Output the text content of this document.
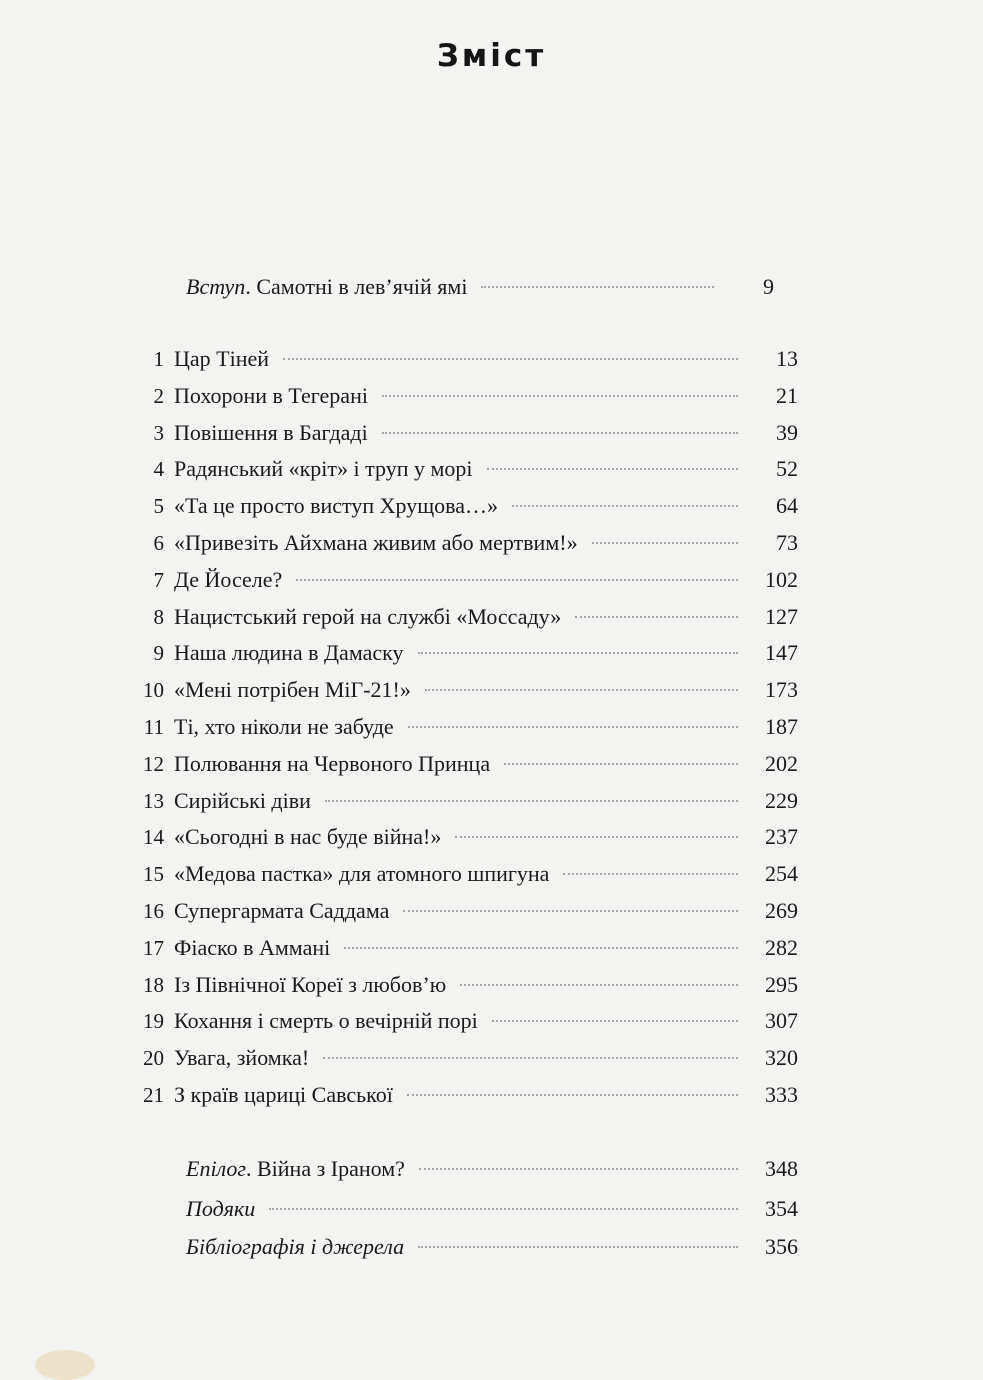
Зміст
Вступ. Самотні в лев’ячій ямі	9
1 Цар Тіней	13
2 Похорони в Тегерані	21
3 Повішення в Багдаді	39
4 Радянський «кріт» і труп у морі	52
5 «Та це просто виступ Хрущова…»	64
6 «Привезіть Айхмана живим або мертвим!»	73
7 Де Йоселе?	102
8 Нацистський герой на службі «Моссаду»	127
9 Наша людина в Дамаску	147
10 «Мені потрібен МіГ-21!»	173
11 Ті, хто ніколи не забуде	187
12 Полювання на Червоного Принца	202
13 Сирійські діви	229
14 «Сьогодні в нас буде війна!»	237
15 «Медова пастка» для атомного шпигуна	254
16 Супергармата Саддама	269
17 Фіаско в Аммані	282
18 Із Північної Кореї з любов’ю	295
19 Кохання і смерть о вечірній порі	307
20 Увага, зйомка!	320
21 З країв цариці Савської	333
Епілог. Війна з Іраном?	348
Подяки	354
Бібліографія і джерела	356
